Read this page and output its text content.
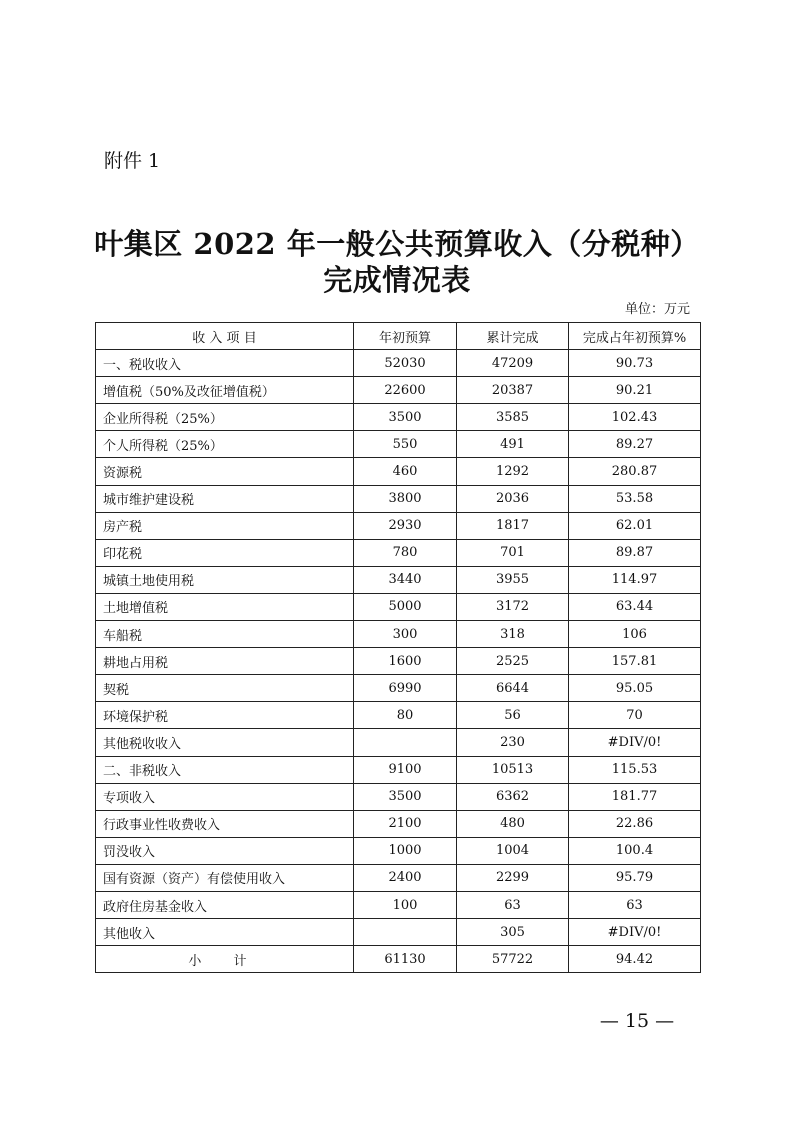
附件 1
叶集区 2022 年一般公共预算收入（分税种）
完成情况表
单位：万元
收 入 项 目	年初预算	累计完成	完成占年初预算%
一、税收收入	52030	47209	90.73
增值税（50%及改征增值税）	22600	20387	90.21
企业所得税（25%）	3500	3585	102.43
个人所得税（25%）	550	491	89.27
资源税	460	1292	280.87
城市维护建设税	3800	2036	53.58
房产税	2930	1817	62.01
印花税	780	701	89.87
城镇土地使用税	3440	3955	114.97
土地增值税	5000	3172	63.44
车船税	300	318	106
耕地占用税	1600	2525	157.81
契税	6990	6644	95.05
环境保护税	80	56	70
其他税收收入		230	#DIV/0!
二、非税收入	9100	10513	115.53
专项收入	3500	6362	181.77
行政事业性收费收入	2100	480	22.86
罚没收入	1000	1004	100.4
国有资源（资产）有偿使用收入	2400	2299	95.79
政府住房基金收入	100	63	63
其他收入		305	#DIV/0!
小 计	61130	57722	94.42
— 15 —
